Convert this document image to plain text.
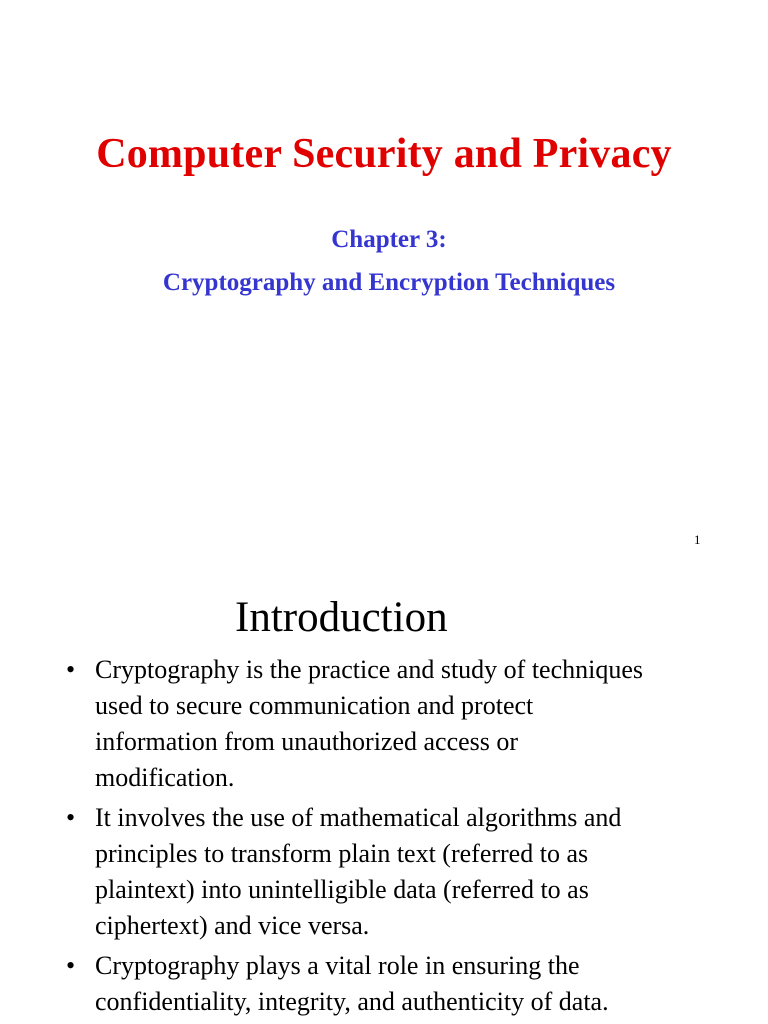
Computer Security and Privacy
Chapter 3:
Cryptography and Encryption Techniques
1
Introduction
• Cryptography is the practice and study of techniques
used to secure communication and protect
information from unauthorized access or
modification.
• It involves the use of mathematical algorithms and
principles to transform plain text (referred to as
plaintext) into unintelligible data (referred to as
ciphertext) and vice versa.
• Cryptography plays a vital role in ensuring the
confidentiality, integrity, and authenticity of data.
